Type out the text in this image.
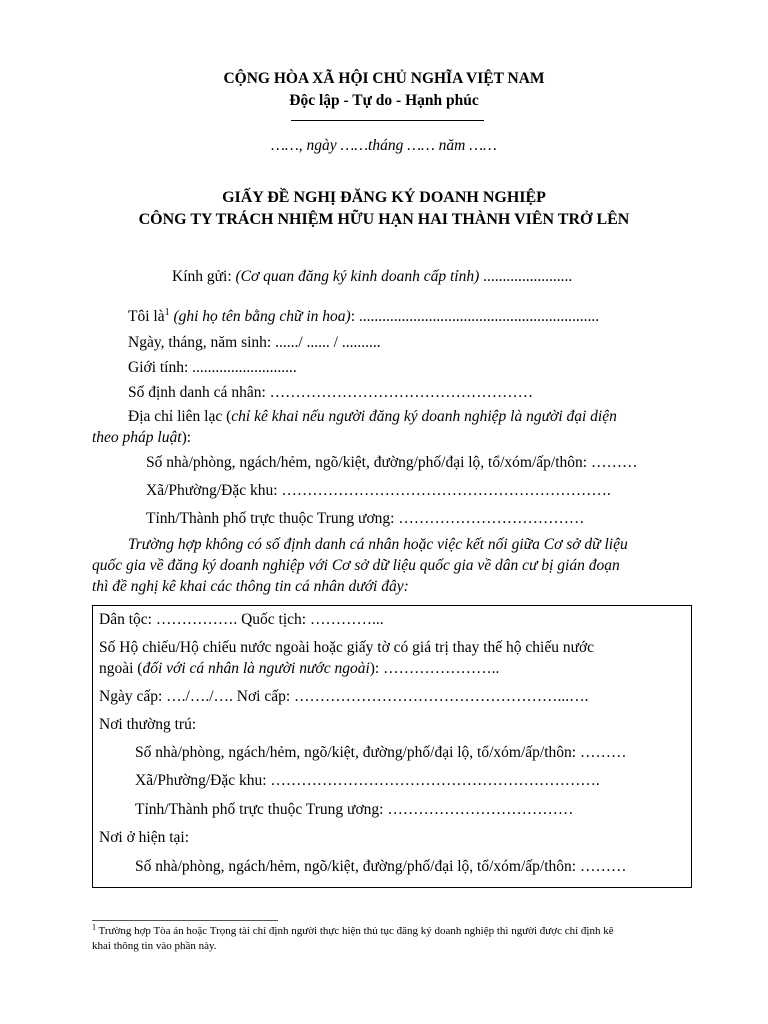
CỘNG HÒA XÃ HỘI CHỦ NGHĨA VIỆT NAM
Độc lập - Tự do - Hạnh phúc
……, ngày ……tháng …… năm ……
GIẤY ĐỀ NGHỊ ĐĂNG KÝ DOANH NGHIỆP
CÔNG TY TRÁCH NHIỆM HỮU HẠN HAI THÀNH VIÊN TRỞ LÊN
Kính gửi: (Cơ quan đăng ký kinh doanh cấp tỉnh) .......................
Tôi $là^1$ (ghi họ tên bằng chữ in hoa): ..............................................................
Ngày, tháng, năm sinh: ....../ ...... / ..........
Giới tính: ...........................
Số định danh cá nhân: ……………………………………………
Địa chỉ liên lạc (chỉ kê khai nếu người đăng ký doanh nghiệp là người đại diện
theo pháp luật):
Số nhà/phòng, ngách/hẻm, ngõ/kiệt, đường/phố/đại lộ, tổ/xóm/ấp/thôn: ………
Xã/Phường/Đặc khu: ……………………………………………………….
Tỉnh/Thành phố trực thuộc Trung ương: ………………………………
Trường hợp không có số định danh cá nhân hoặc việc kết nối giữa Cơ sở dữ liệu
quốc gia về đăng ký doanh nghiệp với Cơ sở dữ liệu quốc gia về dân cư bị gián đoạn
thì đề nghị kê khai các thông tin cá nhân dưới đây:
Dân tộc: ……………. Quốc tịch: …………...
Số Hộ chiếu/Hộ chiếu nước ngoài hoặc giấy tờ có giá trị thay thế hộ chiếu nước
ngoài (đối với cá nhân là người nước ngoài): …………………..
Ngày cấp: …./…./…. Nơi cấp: ……………………………………………...….
Nơi thường trú:
Số nhà/phòng, ngách/hẻm, ngõ/kiệt, đường/phố/đại lộ, tổ/xóm/ấp/thôn: ………
Xã/Phường/Đặc khu: ……………………………………………………….
Tỉnh/Thành phố trực thuộc Trung ương: ………………………………
Nơi ở hiện tại:
Số nhà/phòng, ngách/hẻm, ngõ/kiệt, đường/phố/đại lộ, tổ/xóm/ấp/thôn: ………
$^1$ Trường hợp Tòa án hoặc Trọng tài chỉ định người thực hiện thủ tục đăng ký doanh nghiệp thì người được chỉ định kê
khai thông tin vào phần này.
